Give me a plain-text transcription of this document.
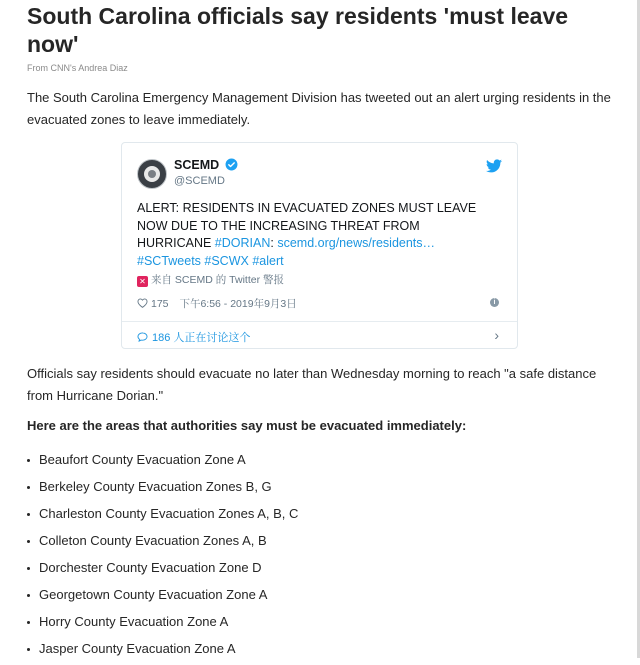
South Carolina officials say residents 'must leave now'
From CNN's Andrea Diaz

The South Carolina Emergency Management Division has tweeted out an alert urging residents in the evacuated zones to leave immediately.

SCEMD
@SCEMD

ALERT: RESIDENTS IN EVACUATED ZONES MUST LEAVE NOW DUE TO THE INCREASING THREAT FROM HURRICANE #DORIAN: scemd.org/news/residents…
#SCTweets #SCWX #alert

✕ 来自 SCEMD 的 Twitter 警报
175 下午6:56 - 2019年9月3日	i
186 人正在讨论这个	›

Officials say residents should evacuate no later than Wednesday morning to reach "a safe distance from Hurricane Dorian."

Here are the areas that authorities say must be evacuated immediately:
Beaufort County Evacuation Zone A
Berkeley County Evacuation Zones B, G
Charleston County Evacuation Zones A, B, C
Colleton County Evacuation Zones A, B
Dorchester County Evacuation Zone D
Georgetown County Evacuation Zone A
Horry County Evacuation Zone A
Jasper County Evacuation Zone A
